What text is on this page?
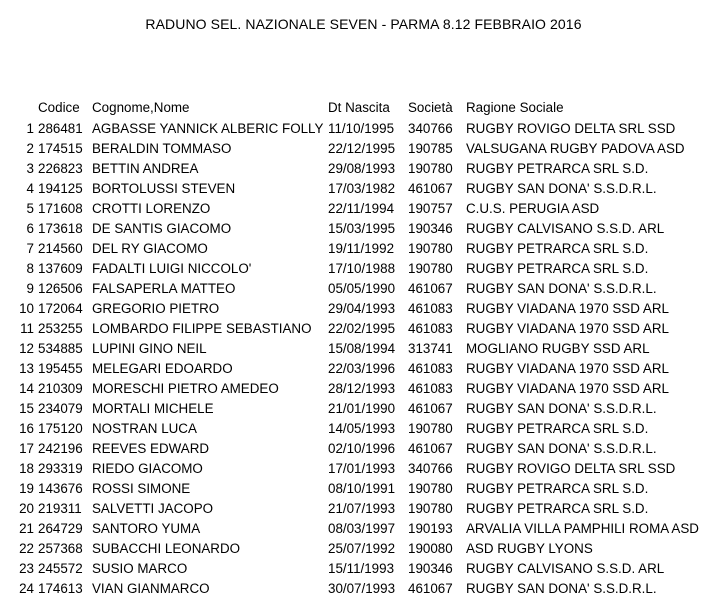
RADUNO SEL. NAZIONALE SEVEN - PARMA 8.12 FEBBRAIO 2016
	Codice	Cognome,Nome	Dt Nascita	Società	Ragione Sociale
1	286481	AGBASSE YANNICK ALBERIC FOLLY	11/10/1995	340766	RUGBY ROVIGO DELTA SRL SSD
2	174515	BERALDIN TOMMASO	22/12/1995	190785	VALSUGANA RUGBY PADOVA ASD
3	226823	BETTIN ANDREA	29/08/1993	190780	RUGBY PETRARCA SRL S.D.
4	194125	BORTOLUSSI STEVEN	17/03/1982	461067	RUGBY SAN DONA' S.S.D.R.L.
5	171608	CROTTI LORENZO	22/11/1994	190757	C.U.S. PERUGIA ASD
6	173618	DE SANTIS GIACOMO	15/03/1995	190346	RUGBY CALVISANO S.S.D. ARL
7	214560	DEL RY GIACOMO	19/11/1992	190780	RUGBY PETRARCA SRL S.D.
8	137609	FADALTI LUIGI NICCOLO'	17/10/1988	190780	RUGBY PETRARCA SRL S.D.
9	126506	FALSAPERLA MATTEO	05/05/1990	461067	RUGBY SAN DONA' S.S.D.R.L.
10	172064	GREGORIO PIETRO	29/04/1993	461083	RUGBY VIADANA 1970 SSD ARL
11	253255	LOMBARDO FILIPPE SEBASTIANO	22/02/1995	461083	RUGBY VIADANA 1970 SSD ARL
12	534885	LUPINI GINO NEIL	15/08/1994	313741	MOGLIANO RUGBY SSD ARL
13	195455	MELEGARI EDOARDO	22/03/1996	461083	RUGBY VIADANA 1970 SSD ARL
14	210309	MORESCHI PIETRO AMEDEO	28/12/1993	461083	RUGBY VIADANA 1970 SSD ARL
15	234079	MORTALI MICHELE	21/01/1990	461067	RUGBY SAN DONA' S.S.D.R.L.
16	175120	NOSTRAN LUCA	14/05/1993	190780	RUGBY PETRARCA SRL S.D.
17	242196	REEVES EDWARD	02/10/1996	461067	RUGBY SAN DONA' S.S.D.R.L.
18	293319	RIEDO GIACOMO	17/01/1993	340766	RUGBY ROVIGO DELTA SRL SSD
19	143676	ROSSI SIMONE	08/10/1991	190780	RUGBY PETRARCA SRL S.D.
20	219311	SALVETTI JACOPO	21/07/1993	190780	RUGBY PETRARCA SRL S.D.
21	264729	SANTORO YUMA	08/03/1997	190193	ARVALIA VILLA PAMPHILI ROMA ASD
22	257368	SUBACCHI LEONARDO	25/07/1992	190080	ASD RUGBY LYONS
23	245572	SUSIO MARCO	15/11/1993	190346	RUGBY CALVISANO S.S.D. ARL
24	174613	VIAN GIANMARCO	30/07/1993	461067	RUGBY SAN DONA' S.S.D.R.L.
